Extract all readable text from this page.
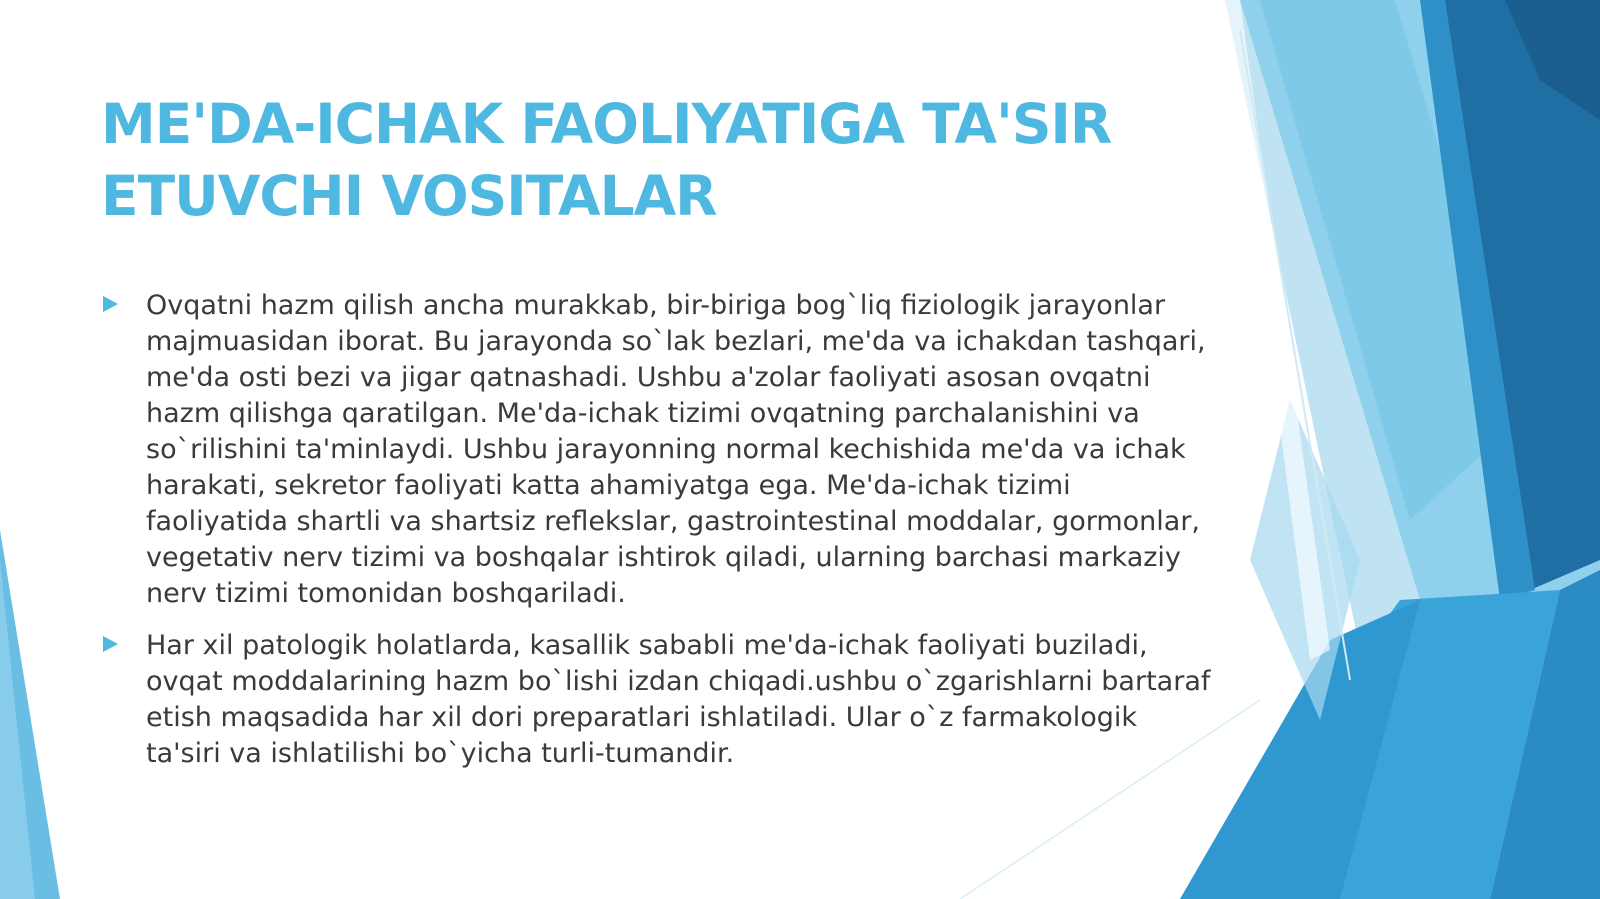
ME'DA-ICHAK FAOLIYATIGA TA'SIR ETUVCHI VOSITALAR
Ovqatni hazm qilish ancha murakkab, bir-biriga bog`liq fiziologik jarayonlar majmuasidan iborat. Bu jarayonda so`lak bezlari, me'da va ichakdan tashqari, me'da osti bezi va jigar qatnashadi. Ushbu a'zolar faoliyati asosan ovqatni hazm qilishga qaratilgan. Me'da-ichak tizimi ovqatning parchalanishini va so`rilishini ta'minlaydi. Ushbu jarayonning normal kechishida me'da va ichak harakati, sekretor faoliyati katta ahamiyatga ega. Me'da-ichak tizimi faoliyatida shartli va shartsiz reflekslar, gastrointestinal moddalar, gormonlar, vegetativ nerv tizimi va boshqalar ishtirok qiladi, ularning barchasi markaziy nerv tizimi tomonidan boshqariladi.
Har xil patologik holatlarda, kasallik sababli me'da-ichak faoliyati buziladi, ovqat moddalarining hazm bo`lishi izdan chiqadi.ushbu o`zgarishlarni bartaraf etish maqsadida har xil dori preparatlari ishlatiladi. Ular o`z farmakologik ta'siri va ishlatilishi bo`yicha turli-tumandir.
